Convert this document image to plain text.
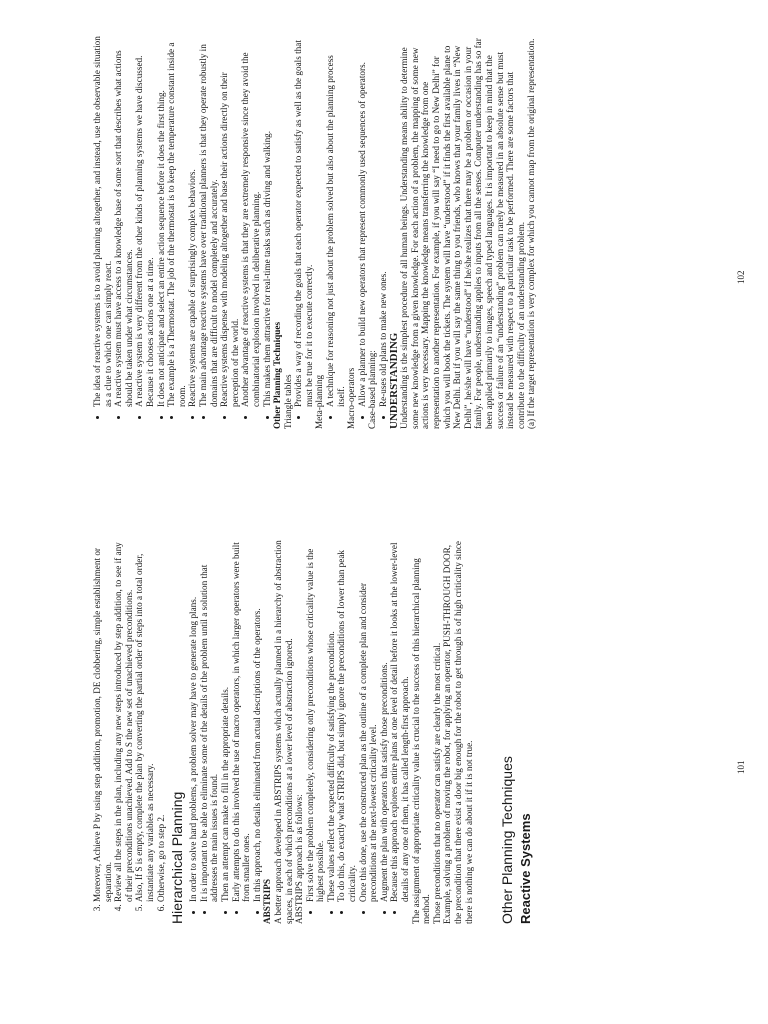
3. Moreover, Achieve P by using step addition, promotion, DE clobbering, simple establishment or separation. 4. Review all the steps in the plan, including any new steps introduced by step addition, to see if any of their preconditions unachieved. Add to S the new set of unachieved preconditions. 5. Also, If S is empty, complete the plan by converting the partial order of steps into a total order, instantiate any variables as necessary. 6. Otherwise, go to step 2. Hierarchical Planning • In order to solve hard problems, a problem solver may have to generate long plans. • It is important to be able to eliminate some of the details of the problem until a solution that addresses the main issues is found. • Then an attempt can make to fill in the appropriate details. • Early attempts to do this involved the use of macro operators, in which larger operators were built from smaller ones. • In this approach, no details eliminated from actual descriptions of the operators. ABSTRIPS A better approach developed in ABSTRIPS systems which actually planned in a hierarchy of abstraction spaces, in each of which preconditions at a lower level of abstraction ignored. ABSTRIPS approach is as follows: • First solve the problem completely, considering only preconditions whose criticality value is the highest possible. • These values reflect the expected difficulty of satisfying the precondition. • To do this, do exactly what STRIPS did, but simply ignore the preconditions of lower than peak criticality. • Once this done, use the constructed plan as the outline of a complete plan and consider preconditions at the next-lowest criticality level. • Augment the plan with operators that satisfy those preconditions. • Because this approach explores entire plans at one level of detail before it looks at the lower-level details of any one of them, it has called length-first approach. The assignment of appropriate criticality value is crucial to the success of this hierarchical planning method. Those preconditions that no operator can satisfy are clearly the most critical. Example, solving a problem of moving the robot, for applying an operator, PUSH-THROUGH DOOR, the precondition that there exist a door big enough for the robot to get through is of high criticality since there is nothing we can do about it if it is not true. Other Planning Techniques Reactive Systems
• The idea of reactive systems is to avoid planning altogether, and instead, use the observable situation as a clue to which one can simply react. • A reactive system must have access to a knowledge base of some sort that describes what actions should be taken under what circumstances. • A reactive system is very different from the other kinds of planning systems we have discussed. Because it chooses actions one at a time. • It does not anticipate and select an entire action sequence before it does the first thing. • The example is a Thermostat. The job of the thermostat is to keep the temperature constant inside a room. • Reactive systems are capable of surprisingly complex behaviors. • The main advantage reactive systems have over traditional planners is that they operate robustly in domains that are difficult to model completely and accurately. • Reactive systems dispense with modeling altogether and base their actions directly on their perception of the world. • Another advantage of reactive systems is that they are extremely responsive since they avoid the combinatorial explosion involved in deliberative planning. • This makes them attractive for real-time tasks such as driving and walking. Other Planning Techniques Triangle tables • Provides a way of recording the goals that each operator expected to satisfy as well as the goals that must be true for it to execute correctly. Meta-planning • A technique for reasoning not just about the problem solved but also about the planning process itself. Macro-operators • Allow a planner to build new operators that represent commonly used sequences of operators. Case-based planning: • Re-uses old plans to make new ones. UNDERSTANDING Understanding is the simplest procedure of all human beings. Understanding means ability to determine some new knowledge from a given knowledge. For each action of a problem, the mapping of some new actions is very necessary. Mapping the knowledge means transferring the knowledge from one representation to another representation. For example, if you will say “I need to go to New Delhi” for which you will book the tickets. The system will have “understood” if it finds the first available plane to New Delhi. But if you will say the same thing to you friends, who knows that your family lives in “New Delhi”, he/she will have “understood” if he/she realizes that there may be a problem or occasion in your family. For people, understanding applies to inputs from all the senses. Computer understanding has so far been applied primarily to images, speech and typed languages. It is important to keep in mind that the success or failure of an “understanding” problem can rarely be measured in an absolute sense but must instead be measured with respect to a particular task to be performed. There are some factors that contribute to the difficulty of an understanding problem. (a) If the target representation is very complex for which you cannot map from the original representation.

101
102
